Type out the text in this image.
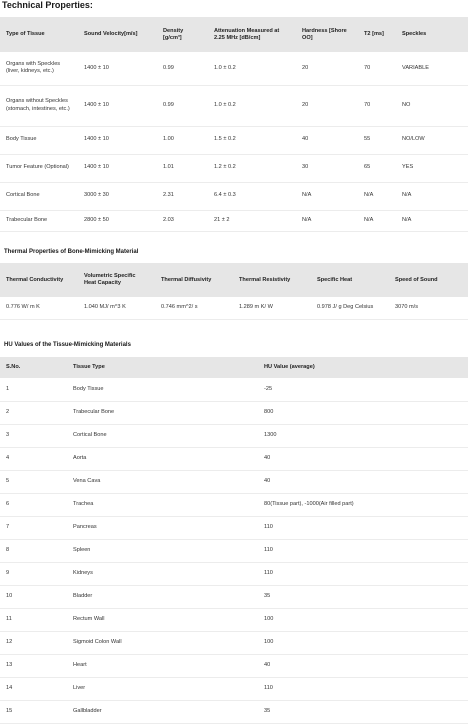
Technical Properties:
Type of Tissue	Sound Velocity[m/s]	Density [g/cm³]	Attenuation Measured at 2.25 MHz [dB/cm]	Hardness [Shore OO]	T2 [ms]	Speckles
Organs with Speckles (liver, kidneys, etc.)	1400 ± 10	0.99	1.0 ± 0.2	20	70	VARIABLE
Organs without Speckles (stomach, intestines, etc.)	1400 ± 10	0.99	1.0 ± 0.2	20	70	NO
Body Tissue	1400 ± 10	1.00	1.5 ± 0.2	40	55	NO/LOW
Tumor Feature (Optional)	1400 ± 10	1.01	1.2 ± 0.2	30	65	YES
Cortical Bone	3000 ± 30	2.31	6.4 ± 0.3	N/A	N/A	N/A
Trabecular Bone	2800 ± 50	2.03	21 ± 2	N/A	N/A	N/A
Thermal Properties of Bone-Mimicking Material
Thermal Conductivity	Volumetric Specific Heat Capacity	Thermal Diffusivity	Thermal Resistivity	Specific Heat	Speed of Sound
0.776 W/ m K	1.040 MJ/ m^3 K	0.746 mm^2/ s	1.289 m K/ W	0.978 J/ g Deg Celsius	3070 m/s
HU Values of the Tissue-Mimicking Materials
S.No.	Tissue Type	HU Value (average)
1	Body Tissue	-25
2	Trabecular Bone	800
3	Cortical Bone	1300
4	Aorta	40
5	Vena Cava	40
6	Trachea	80(Tissue part), -1000(Air filled part)
7	Pancreas	110
8	Spleen	110
9	Kidneys	110
10	Bladder	35
11	Rectum Wall	100
12	Sigmoid Colon Wall	100
13	Heart	40
14	Liver	110
15	Gallbladder	35
